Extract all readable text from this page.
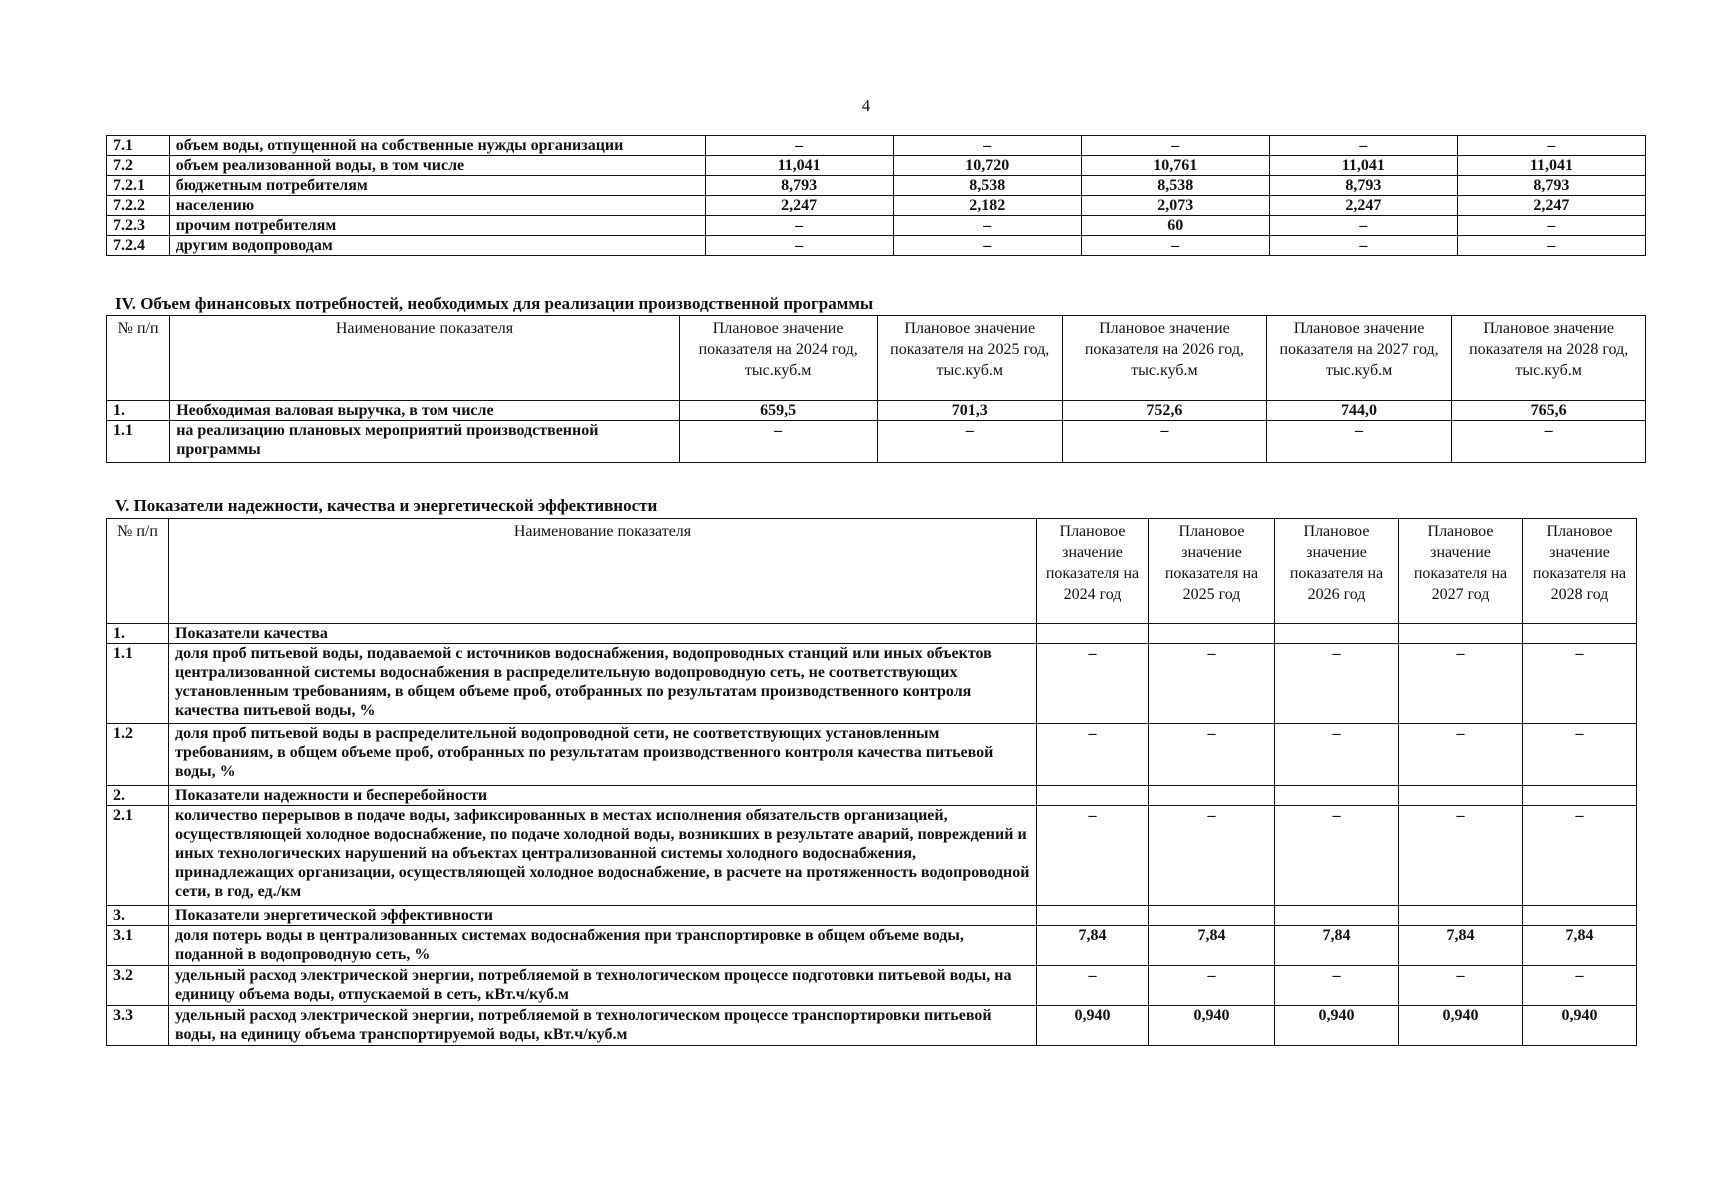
4
7.1	объем воды, отпущенной на собственные нужды организации	–	–	–	–	–
7.2	объем реализованной воды, в том числе	11,041	10,720	10,761	11,041	11,041
7.2.1	бюджетным потребителям	8,793	8,538	8,538	8,793	8,793
7.2.2	населению	2,247	2,182	2,073	2,247	2,247
7.2.3	прочим потребителям	–	–	60	–	–
7.2.4	другим водопроводам	–	–	–	–	–
IV. Объем финансовых потребностей, необходимых для реализации производственной программы
№ п/п	Наименование показателя	Плановое значение показателя на 2024 год, тыс.куб.м	Плановое значение показателя на 2025 год, тыс.куб.м	Плановое значение показателя на 2026 год, тыс.куб.м	Плановое значение показателя на 2027 год, тыс.куб.м	Плановое значение показателя на 2028 год, тыс.куб.м
1.	Необходимая валовая выручка, в том числе	659,5	701,3	752,6	744,0	765,6
1.1	на реализацию плановых мероприятий производственной программы	–	–	–	–	–
V. Показатели надежности, качества и энергетической эффективности
№ п/п	Наименование показателя	Плановое значение показателя на 2024 год	Плановое значение показателя на 2025 год	Плановое значение показателя на 2026 год	Плановое значение показателя на 2027 год	Плановое значение показателя на 2028 год
1.	Показатели качества					
1.1	доля проб питьевой воды, подаваемой с источников водоснабжения, водопроводных станций или иных объектов централизованной системы водоснабжения в распределительную водопроводную сеть, не соответствующих установленным требованиям, в общем объеме проб, отобранных по результатам производственного контроля качества питьевой воды, %	–	–	–	–	–
1.2	доля проб питьевой воды в распределительной водопроводной сети, не соответствующих установленным требованиям, в общем объеме проб, отобранных по результатам производственного контроля качества питьевой воды, %	–	–	–	–	–
2.	Показатели надежности и бесперебойности					
2.1	количество перерывов в подаче воды, зафиксированных в местах исполнения обязательств организацией, осуществляющей холодное водоснабжение, по подаче холодной воды, возникших в результате аварий, повреждений и иных технологических нарушений на объектах централизованной системы холодного водоснабжения, принадлежащих организации, осуществляющей холодное водоснабжение, в расчете на протяженность водопроводной сети, в год, ед./км	–	–	–	–	–
3.	Показатели энергетической эффективности					
3.1	доля потерь воды в централизованных системах водоснабжения при транспортировке в общем объеме воды, поданной в водопроводную сеть, %	7,84	7,84	7,84	7,84	7,84
3.2	удельный расход электрической энергии, потребляемой в технологическом процессе подготовки питьевой воды, на единицу объема воды, отпускаемой в сеть, кВт.ч/куб.м	–	–	–	–	–
3.3	удельный расход электрической энергии, потребляемой в технологическом процессе транспортировки питьевой воды, на единицу объема транспортируемой воды, кВт.ч/куб.м	0,940	0,940	0,940	0,940	0,940
